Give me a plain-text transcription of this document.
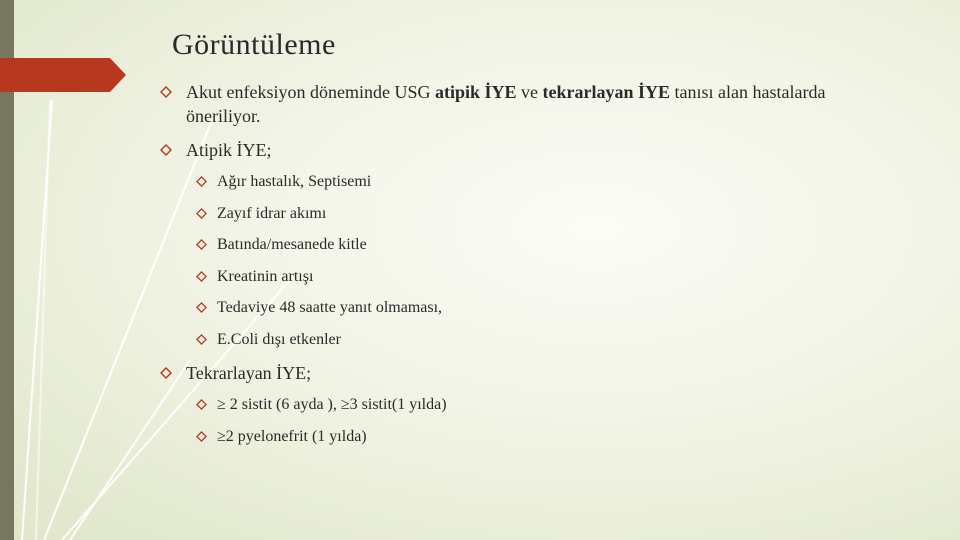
Görüntüleme
Akut enfeksiyon döneminde USG atipik İYE ve tekrarlayan İYE tanısı alan hastalarda öneriliyor.
Atipik İYE;
Ağır hastalık, Septisemi
Zayıf idrar akımı
Batında/mesanede kitle
Kreatinin artışı
Tedaviye 48 saatte yanıt olmaması,
E.Coli dışı etkenler
Tekrarlayan İYE;
≥ 2 sistit (6 ayda ), ≥3 sistit(1 yılda)
≥2 pyelonefrit (1 yılda)
